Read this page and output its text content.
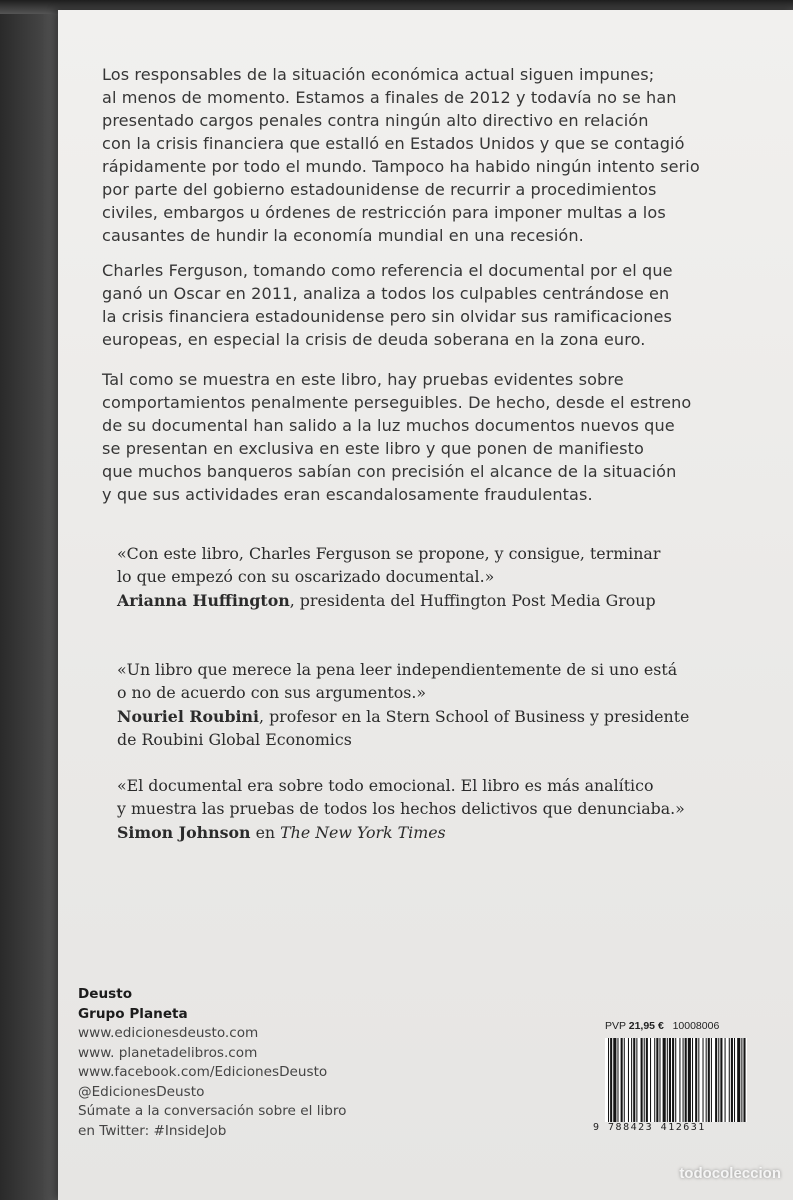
Los responsables de la situación económica actual siguen impunes;
al menos de momento. Estamos a finales de 2012 y todavía no se han
presentado cargos penales contra ningún alto directivo en relación
con la crisis financiera que estalló en Estados Unidos y que se contagió
rápidamente por todo el mundo. Tampoco ha habido ningún intento serio
por parte del gobierno estadounidense de recurrir a procedimientos
civiles, embargos u órdenes de restricción para imponer multas a los
causantes de hundir la economía mundial en una recesión.
Charles Ferguson, tomando como referencia el documental por el que
ganó un Oscar en 2011, analiza a todos los culpables centrándose en
la crisis financiera estadounidense pero sin olvidar sus ramificaciones
europeas, en especial la crisis de deuda soberana en la zona euro.
Tal como se muestra en este libro, hay pruebas evidentes sobre
comportamientos penalmente perseguibles. De hecho, desde el estreno
de su documental han salido a la luz muchos documentos nuevos que
se presentan en exclusiva en este libro y que ponen de manifiesto
que muchos banqueros sabían con precisión el alcance de la situación
y que sus actividades eran escandalosamente fraudulentas.
«Con este libro, Charles Ferguson se propone, y consigue, terminar
lo que empezó con su oscarizado documental.»
Arianna Huffington, presidenta del Huffington Post Media Group
«Un libro que merece la pena leer independientemente de si uno está
o no de acuerdo con sus argumentos.»
Nouriel Roubini, profesor en la Stern School of Business y presidente
de Roubini Global Economics
«El documental era sobre todo emocional. El libro es más analítico
y muestra las pruebas de todos los hechos delictivos que denunciaba.»
Simon Johnson en The New York Times
Deusto
Grupo Planeta
www.edicionesdeusto.com
www. planetadelibros.com
www.facebook.com/EdicionesDeusto
@EdicionesDeusto
Súmate a la conversación sobre el libro
en Twitter: #InsideJob
PVP 21,95 € 10008006
9 788423 412631
todocoleccion
